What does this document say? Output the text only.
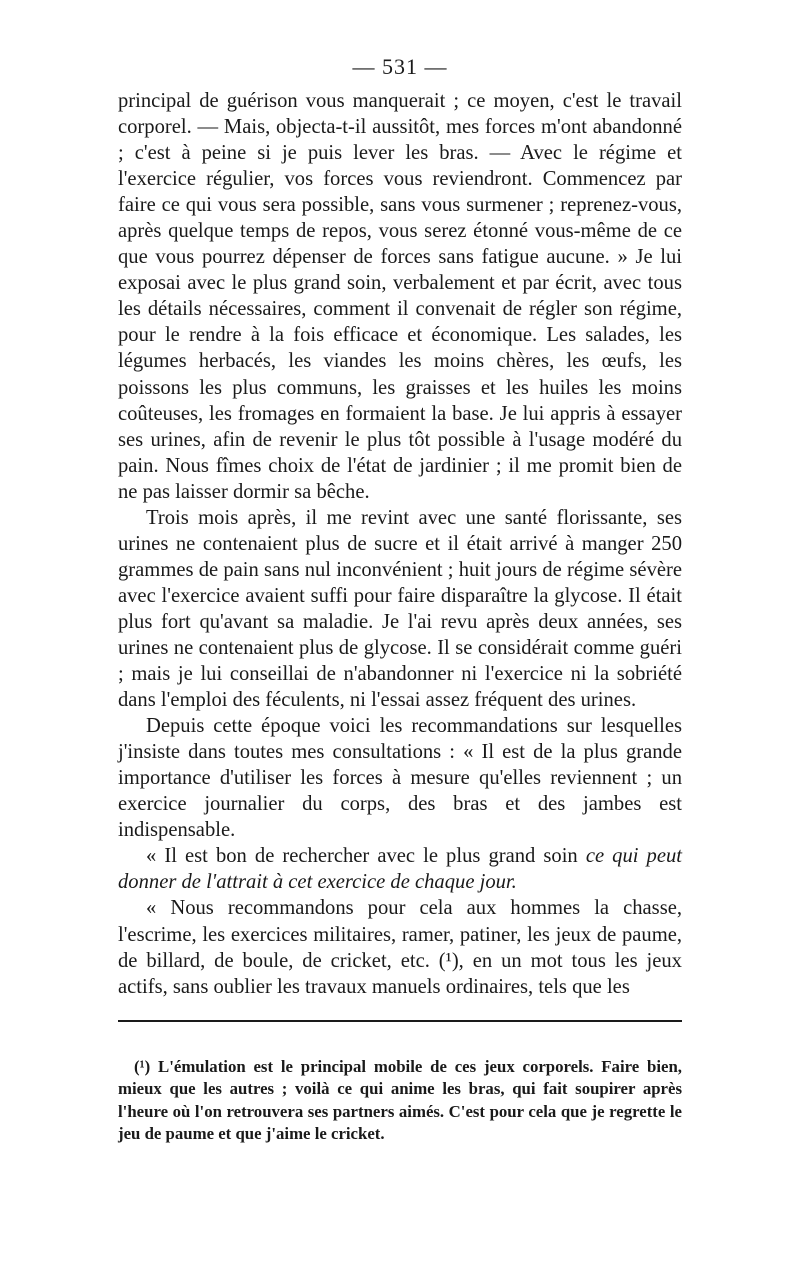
— 531 —

principal de guérison vous manquerait ; ce moyen, c'est le travail corporel. — Mais, objecta-t-il aussitôt, mes forces m'ont abandonné ; c'est à peine si je puis lever les bras. — Avec le régime et l'exercice régulier, vos forces vous reviendront. Commencez par faire ce qui vous sera possible, sans vous surmener ; reprenez-vous, après quelque temps de repos, vous serez étonné vous-même de ce que vous pourrez dépenser de forces sans fatigue aucune. » Je lui exposai avec le plus grand soin, verbalement et par écrit, avec tous les détails nécessaires, comment il convenait de régler son régime, pour le rendre à la fois efficace et économique. Les salades, les légumes herbacés, les viandes les moins chères, les œufs, les poissons les plus communs, les graisses et les huiles les moins coûteuses, les fromages en formaient la base. Je lui appris à essayer ses urines, afin de revenir le plus tôt possible à l'usage modéré du pain. Nous fîmes choix de l'état de jardinier ; il me promit bien de ne pas laisser dormir sa bêche.

Trois mois après, il me revint avec une santé florissante, ses urines ne contenaient plus de sucre et il était arrivé à manger 250 grammes de pain sans nul inconvénient ; huit jours de régime sévère avec l'exercice avaient suffi pour faire disparaître la glycose. Il était plus fort qu'avant sa maladie. Je l'ai revu après deux années, ses urines ne contenaient plus de glycose. Il se considérait comme guéri ; mais je lui conseillai de n'abandonner ni l'exercice ni la sobriété dans l'emploi des féculents, ni l'essai assez fréquent des urines.

Depuis cette époque voici les recommandations sur lesquelles j'insiste dans toutes mes consultations : « Il est de la plus grande importance d'utiliser les forces à mesure qu'elles reviennent ; un exercice journalier du corps, des bras et des jambes est indispensable.

« Il est bon de rechercher avec le plus grand soin ce qui peut donner de l'attrait à cet exercice de chaque jour.

« Nous recommandons pour cela aux hommes la chasse, l'escrime, les exercices militaires, ramer, patiner, les jeux de paume, de billard, de boule, de cricket, etc. (¹), en un mot tous les jeux actifs, sans oublier les travaux manuels ordinaires, tels que les

(¹) L'émulation est le principal mobile de ces jeux corporels. Faire bien, mieux que les autres ; voilà ce qui anime les bras, qui fait soupirer après l'heure où l'on retrouvera ses partners aimés. C'est pour cela que je regrette le jeu de paume et que j'aime le cricket.
